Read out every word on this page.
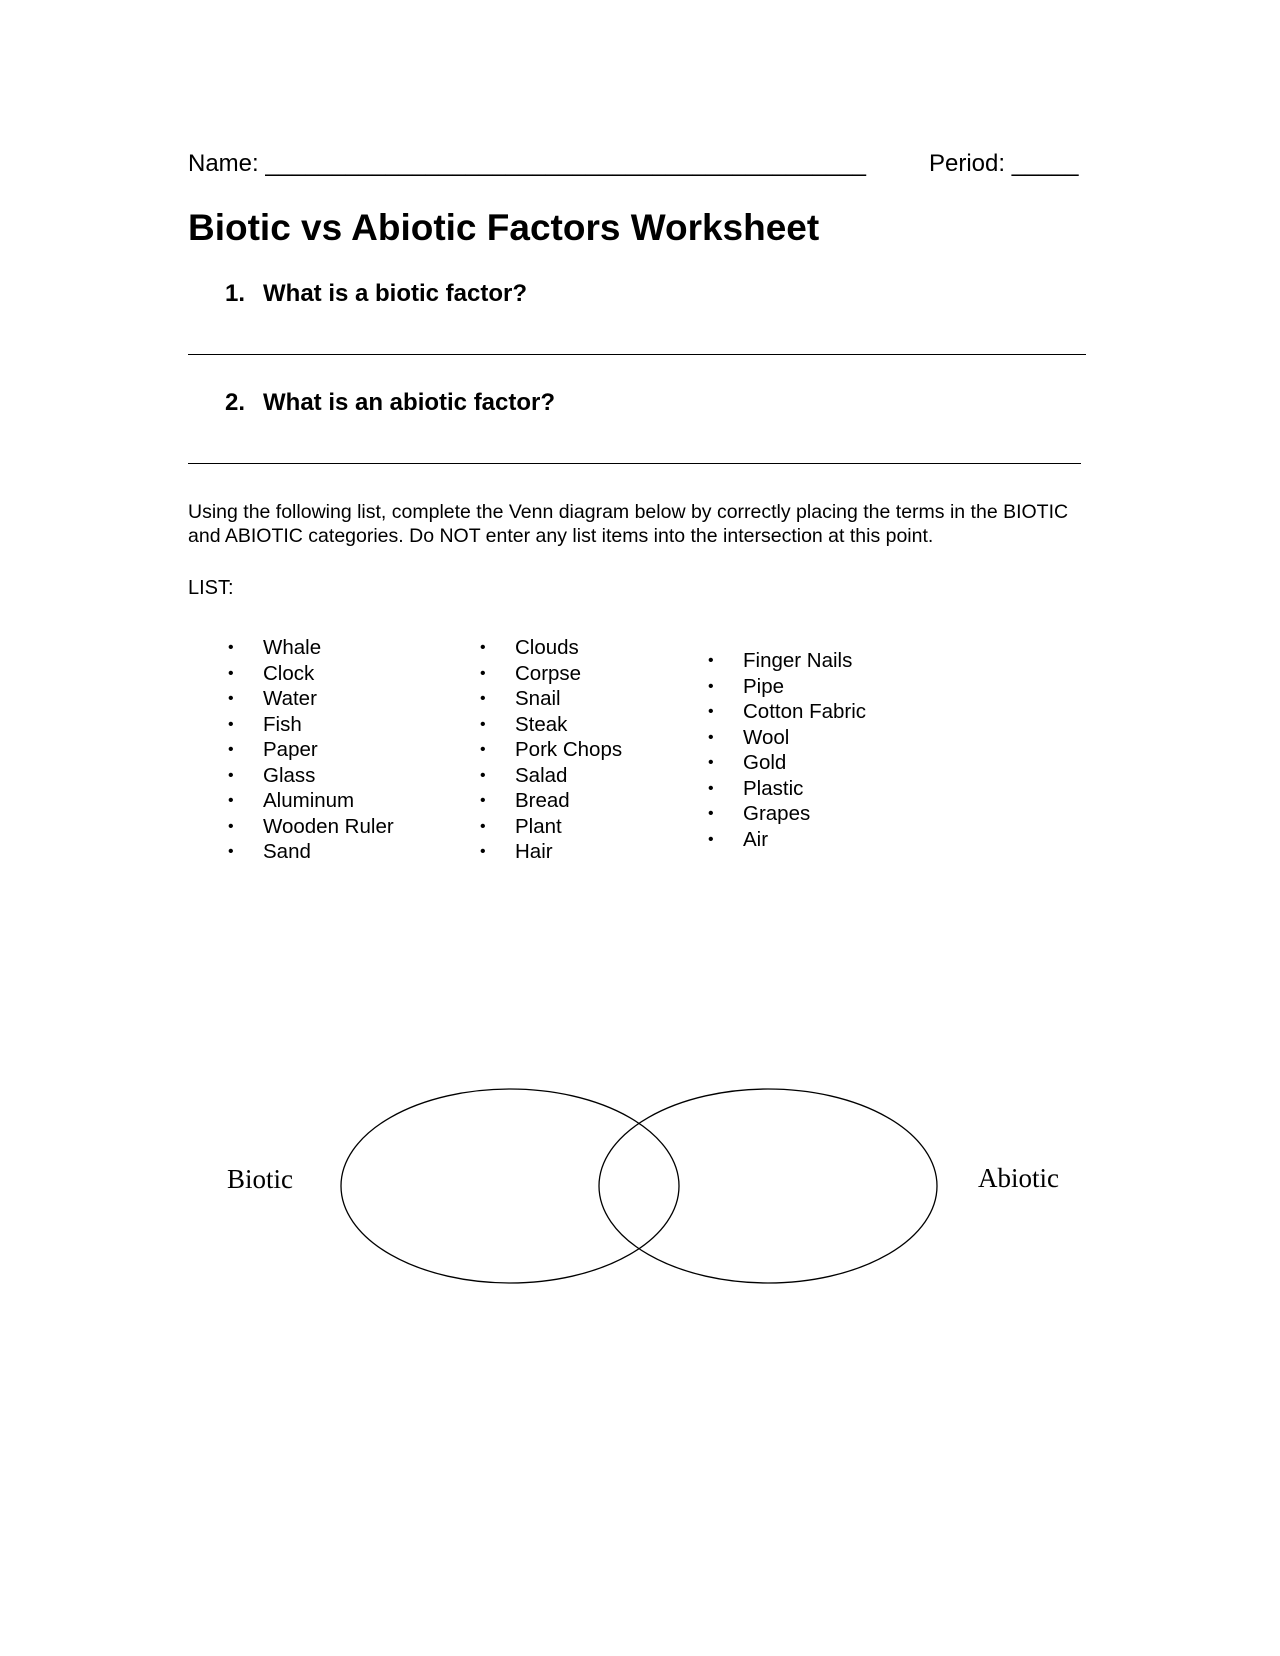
Name: _____________________________________________	Period: _____
Biotic vs Abiotic Factors Worksheet
1. What is a biotic factor?
2. What is an abiotic factor?
Using the following list, complete the Venn diagram below by correctly placing the terms in the BIOTIC and ABIOTIC categories. Do NOT enter any list items into the intersection at this point.
LIST:
• Whale
• Clock
• Water
• Fish
• Paper
• Glass
• Aluminum
• Wooden Ruler
• Sand
• Clouds
• Corpse
• Snail
• Steak
• Pork Chops
• Salad
• Bread
• Plant
• Hair
• Finger Nails
• Pipe
• Cotton Fabric
• Wool
• Gold
• Plastic
• Grapes
• Air
Biotic	Abiotic
